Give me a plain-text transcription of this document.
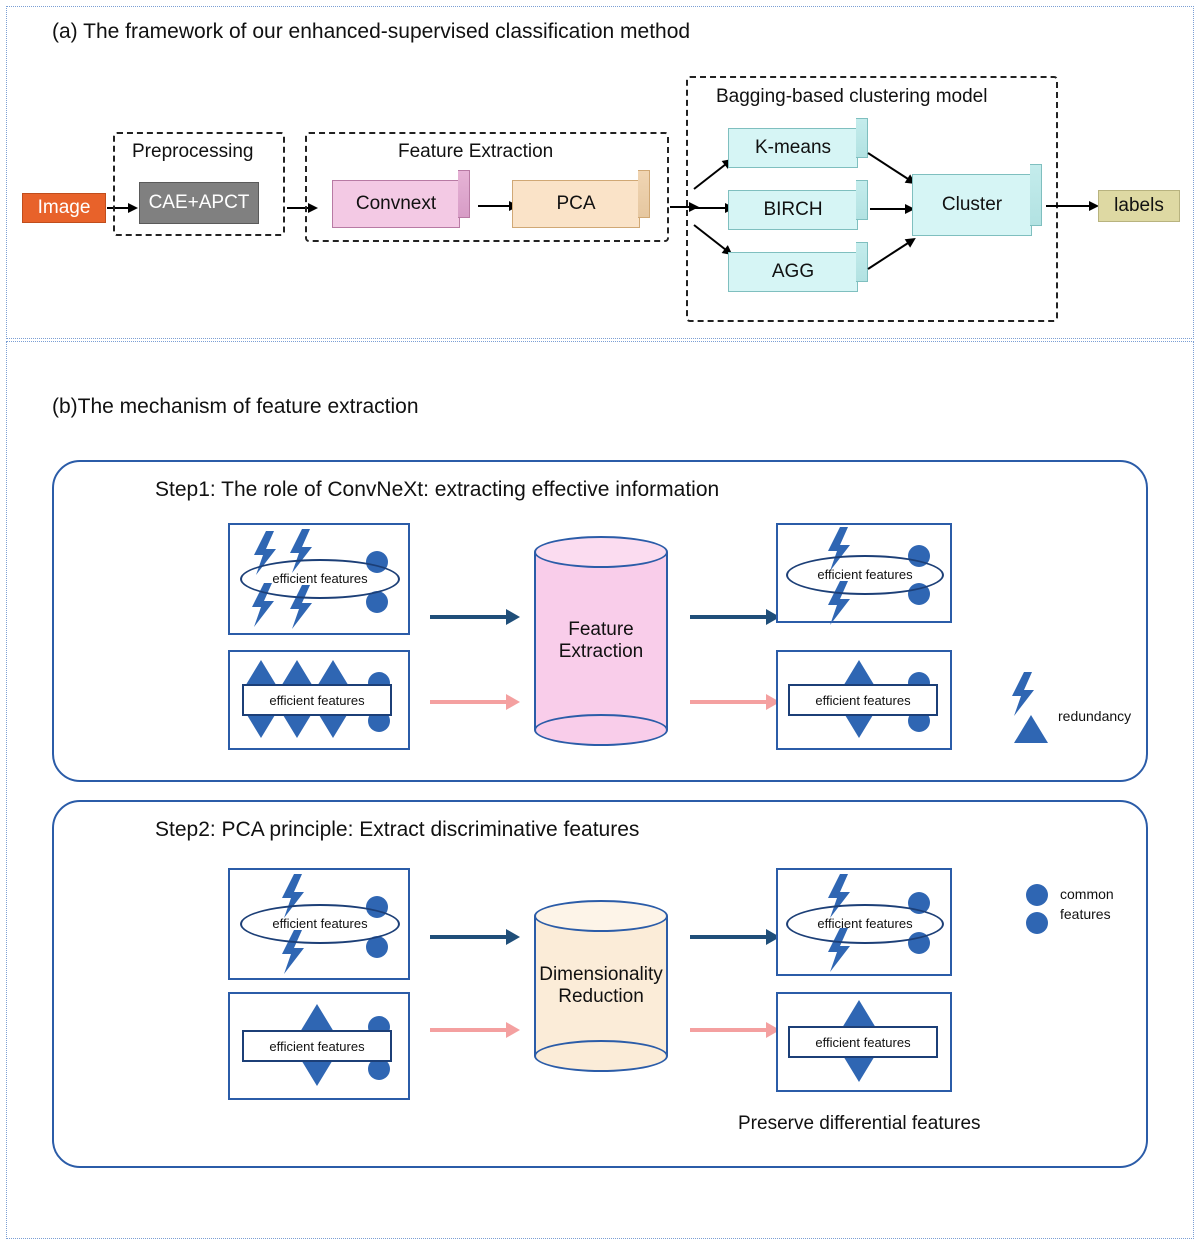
(a) The framework of our enhanced-supervised classification method
Image
Preprocessing
CAE+APCT
Feature Extraction
Convnext	PCA
Bagging-based clustering model
K-means
BIRCH
AGG
Cluster	labels
(b)The mechanism of feature extraction
Step1: The role of ConvNeXt: extracting effective information
efficient features
efficient features
Feature
Extraction
efficient features
efficient features
redundancy
Step2: PCA principle: Extract discriminative features
efficient features
efficient features
Dimensionality
Reduction
efficient features
efficient features
common
features
Preserve differential features
